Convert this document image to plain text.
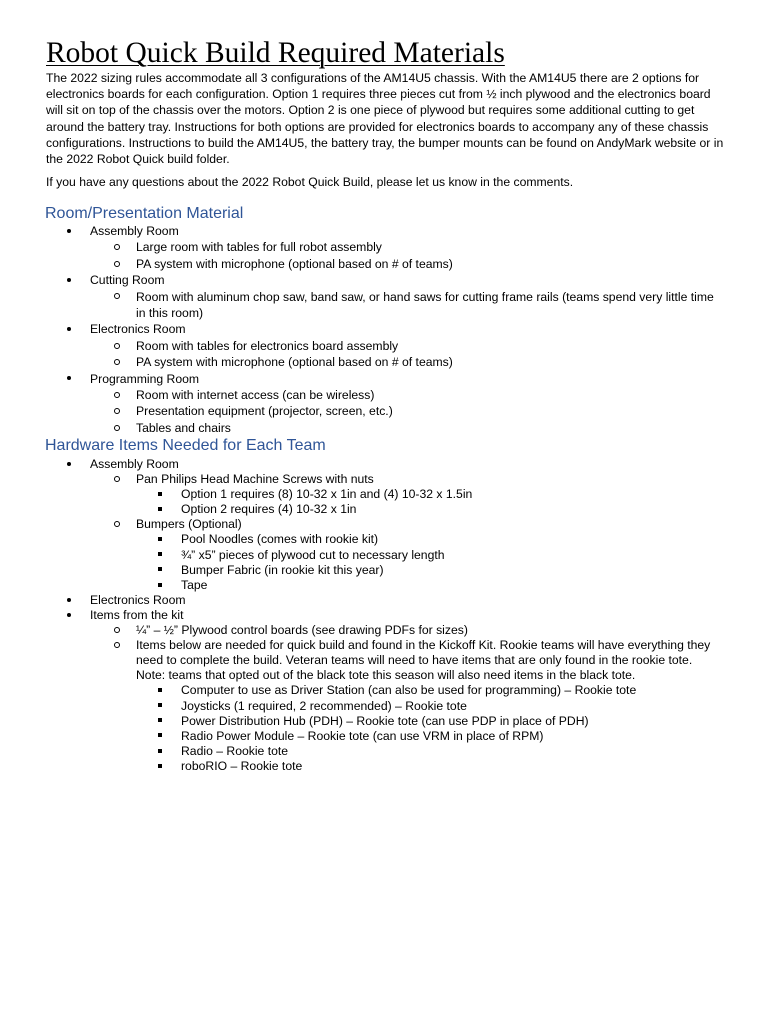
Robot Quick Build Required Materials

The 2022 sizing rules accommodate all 3 configurations of the AM14U5 chassis. With the AM14U5 there are 2 options for electronics boards for each configuration. Option 1 requires three pieces cut from ½ inch plywood and the electronics board will sit on top of the chassis over the motors. Option 2 is one piece of plywood but requires some additional cutting to get around the battery tray. Instructions for both options are provided for electronics boards to accompany any of these chassis configurations. Instructions to build the AM14U5, the battery tray, the bumper mounts can be found on AndyMark website or in the 2022 Robot Quick build folder.

If you have any questions about the 2022 Robot Quick Build, please let us know in the comments.

Room/Presentation Material
Assembly Room
Large room with tables for full robot assembly
PA system with microphone (optional based on # of teams)
Cutting Room
Room with aluminum chop saw, band saw, or hand saws for cutting frame rails (teams spend very little time in this room)
Electronics Room
Room with tables for electronics board assembly
PA system with microphone (optional based on # of teams)
Programming Room
Room with internet access (can be wireless)
Presentation equipment (projector, screen, etc.)
Tables and chairs
Hardware Items Needed for Each Team
Assembly Room
Pan Philips Head Machine Screws with nuts
Option 1 requires (8) 10-32 x 1in and (4) 10-32 x 1.5in
Option 2 requires (4) 10-32 x 1in
Bumpers (Optional)
Pool Noodles (comes with rookie kit)
¾” x5” pieces of plywood cut to necessary length
Bumper Fabric (in rookie kit this year)
Tape
Electronics Room
Items from the kit
¼” – ½” Plywood control boards (see drawing PDFs for sizes)
Items below are needed for quick build and found in the Kickoff Kit. Rookie teams will have everything they need to complete the build. Veteran teams will need to have items that are only found in the rookie tote. Note: teams that opted out of the black tote this season will also need items in the black tote.
Computer to use as Driver Station (can also be used for programming) – Rookie tote
Joysticks (1 required, 2 recommended) – Rookie tote
Power Distribution Hub (PDH) – Rookie tote (can use PDP in place of PDH)
Radio Power Module – Rookie tote (can use VRM in place of RPM)
Radio – Rookie tote
roboRIO – Rookie tote
